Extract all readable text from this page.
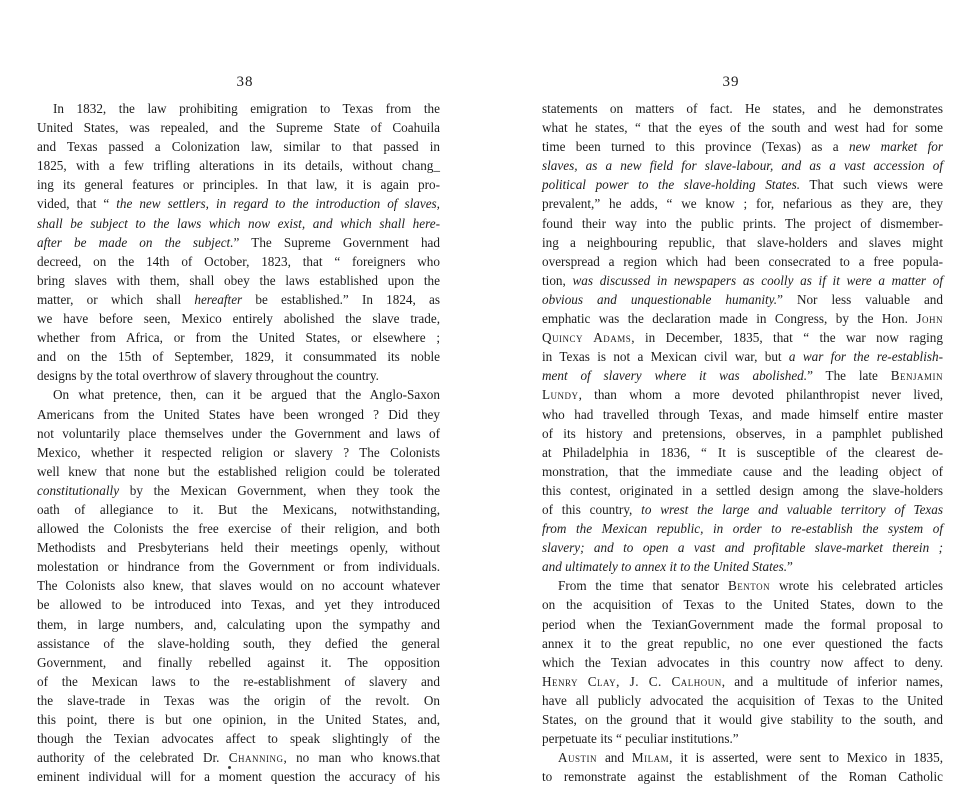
38
In 1832, the law prohibiting emigration to Texas from the
United States, was repealed, and the Supreme State of Coahuila
and Texas passed a Colonization law, similar to that passed in
1825, with a few trifling alterations in its details, without chang_
ing its general features or principles. In that law, it is again pro-
vided, that “ the new settlers, in regard to the introduction of slaves,
shall be subject to the laws which now exist, and which shall here-
after be made on the subject.” The Supreme Government had
decreed, on the 14th of October, 1823, that “ foreigners who
bring slaves with them, shall obey the laws established upon the
matter, or which shall hereafter be established.” In 1824, as
we have before seen, Mexico entirely abolished the slave trade,
whether from Africa, or from the United States, or elsewhere ;
and on the 15th of September, 1829, it consummated its noble
designs by the total overthrow of slavery throughout the country.
On what pretence, then, can it be argued that the Anglo-Saxon
Americans from the United States have been wronged ? Did they
not voluntarily place themselves under the Government and laws of
Mexico, whether it respected religion or slavery ? The Colonists
well knew that none but the established religion could be tolerated
constitutionally by the Mexican Government, when they took the
oath of allegiance to it. But the Mexicans, notwithstanding,
allowed the Colonists the free exercise of their religion, and both
Methodists and Presbyterians held their meetings openly, without
molestation or hindrance from the Government or from individuals.
The Colonists also knew, that slaves would on no account whatever
be allowed to be introduced into Texas, and yet they introduced
them, in large numbers, and, calculating upon the sympathy and
assistance of the slave-holding south, they defied the general
Government, and finally rebelled against it. The opposition
of the Mexican laws to the re-establishment of slavery and
the slave-trade in Texas was the origin of the revolt. On
this point, there is but one opinion, in the United States, and,
though the Texian advocates affect to speak slightingly of the
authority of the celebrated Dr. Channing, no man who knows.that
eminent individual will for a moment question the accuracy of his
39
statements on matters of fact. He states, and he demonstrates
what he states, “ that the eyes of the south and west had for some
time been turned to this province (Texas) as a new market for
slaves, as a new field for slave-labour, and as a vast accession of
political power to the slave-holding States. That such views were
prevalent,” he adds, “ we know ; for, nefarious as they are, they
found their way into the public prints. The project of dismember-
ing a neighbouring republic, that slave-holders and slaves might
overspread a region which had been consecrated to a free popula-
tion, was discussed in newspapers as coolly as if it were a matter of
obvious and unquestionable humanity.” Nor less valuable and
emphatic was the declaration made in Congress, by the Hon. John
Quincy Adams, in December, 1835, that “ the war now raging
in Texas is not a Mexican civil war, but a war for the re-establish-
ment of slavery where it was abolished.” The late Benjamin
Lundy, than whom a more devoted philanthropist never lived,
who had travelled through Texas, and made himself entire master
of its history and pretensions, observes, in a pamphlet published
at Philadelphia in 1836, “ It is susceptible of the clearest de-
monstration, that the immediate cause and the leading object of
this contest, originated in a settled design among the slave-holders
of this country, to wrest the large and valuable territory of Texas
from the Mexican republic, in order to re-establish the system of
slavery; and to open a vast and profitable slave-market therein ;
and ultimately to annex it to the United States.”
From the time that senator Benton wrote his celebrated articles
on the acquisition of Texas to the United States, down to the
period when the TexianGovernment made the formal proposal to
annex it to the great republic, no one ever questioned the facts
which the Texian advocates in this country now affect to deny.
Henry Clay, J. C. Calhoun, and a multitude of inferior names,
have all publicly advocated the acquisition of Texas to the United
States, on the ground that it would give stability to the south, and
perpetuate its “ peculiar institutions.”
Austin and Milam, it is asserted, were sent to Mexico in 1835,
to remonstrate against the establishment of the Roman Catholic
